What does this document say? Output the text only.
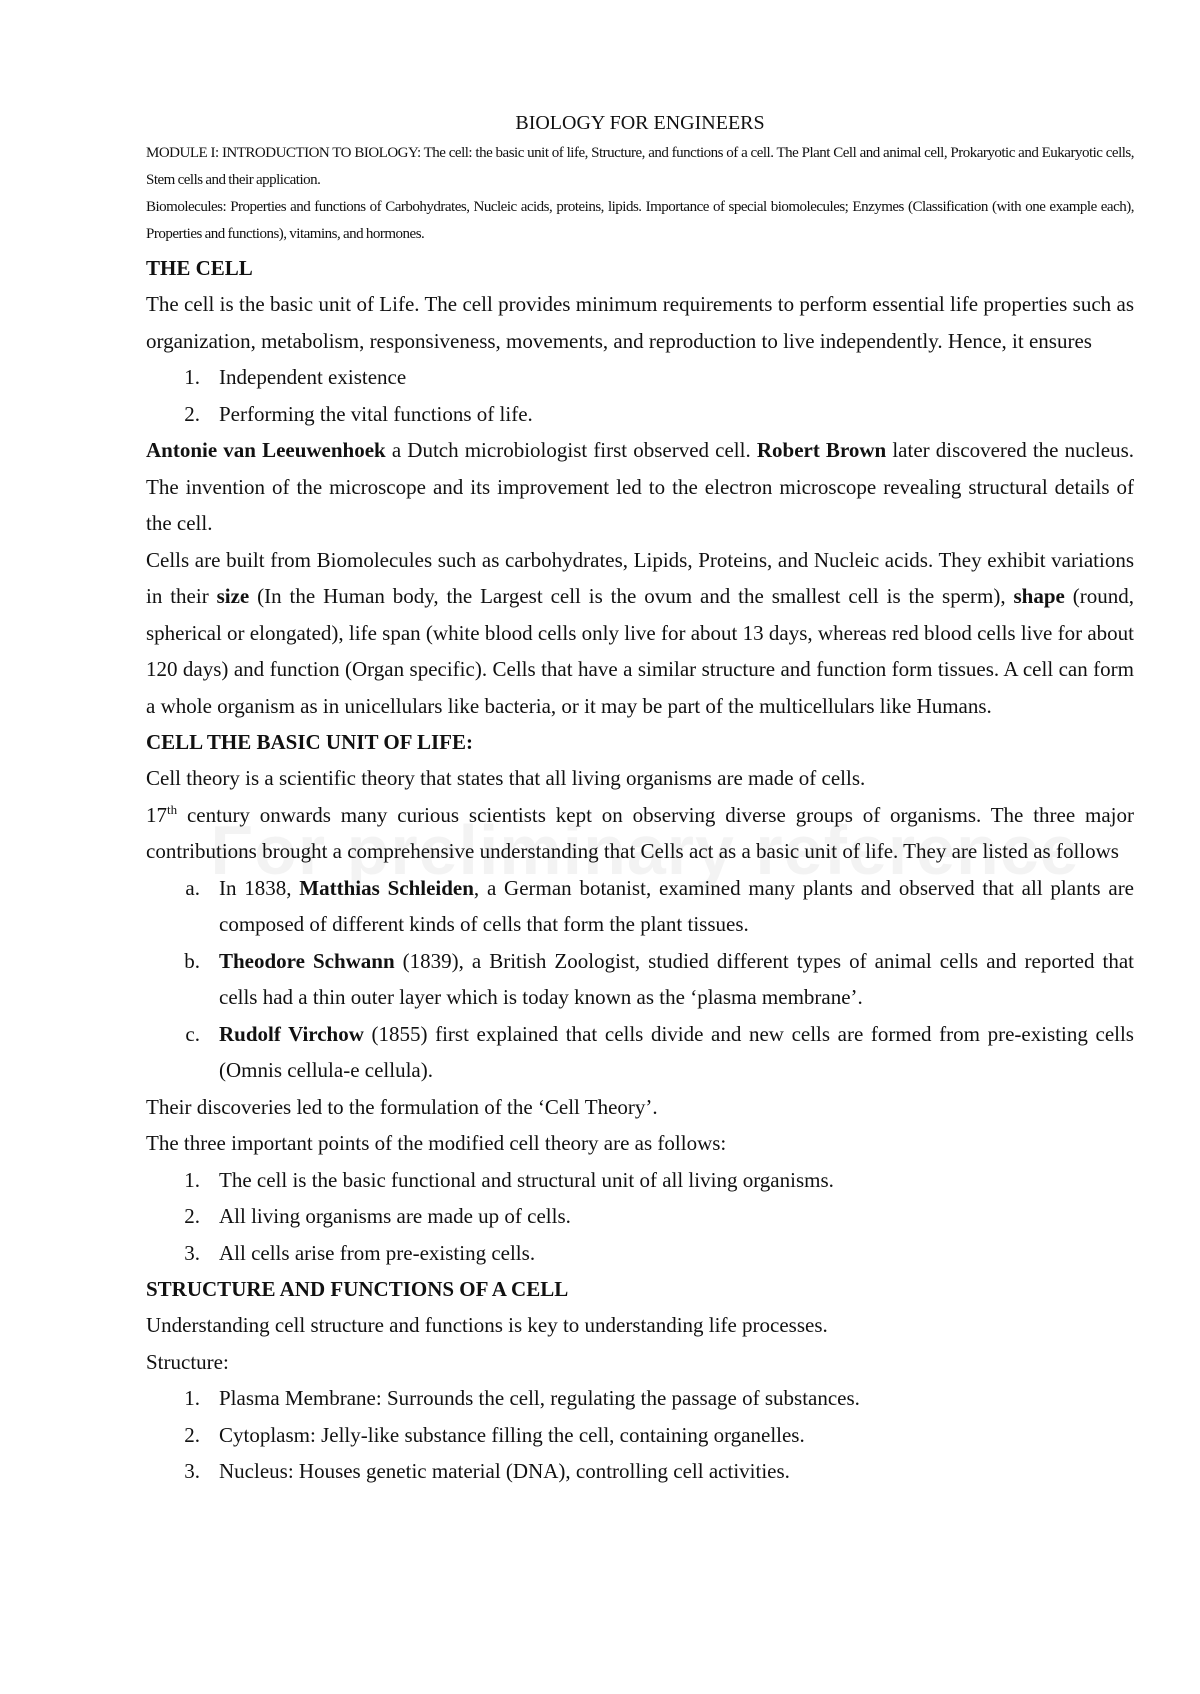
BIOLOGY FOR ENGINEERS

MODULE I: INTRODUCTION TO BIOLOGY: The cell: the basic unit of life, Structure, and functions of a cell. The Plant Cell and animal cell, Prokaryotic and Eukaryotic cells, Stem cells and their application.

Biomolecules: Properties and functions of Carbohydrates, Nucleic acids, proteins, lipids. Importance of special biomolecules; Enzymes (Classification (with one example each), Properties and functions), vitamins, and hormones.

THE CELL

The cell is the basic unit of Life. The cell provides minimum requirements to perform essential life properties such as organization, metabolism, responsiveness, movements, and reproduction to live independently. Hence, it ensures

1. Independent existence
2. Performing the vital functions of life.

Antonie van Leeuwenhoek a Dutch microbiologist first observed cell. Robert Brown later discovered the nucleus. The invention of the microscope and its improvement led to the electron microscope revealing structural details of the cell.

Cells are built from Biomolecules such as carbohydrates, Lipids, Proteins, and Nucleic acids. They exhibit variations in their size (In the Human body, the Largest cell is the ovum and the smallest cell is the sperm), shape (round, spherical or elongated), life span (white blood cells only live for about 13 days, whereas red blood cells live for about 120 days) and function (Organ specific). Cells that have a similar structure and function form tissues. A cell can form a whole organism as in unicellulars like bacteria, or it may be part of the multicellulars like Humans.

CELL THE BASIC UNIT OF LIFE:

Cell theory is a scientific theory that states that all living organisms are made of cells.

17th century onwards many curious scientists kept on observing diverse groups of organisms. The three major contributions brought a comprehensive understanding that Cells act as a basic unit of life. They are listed as follows

a. In 1838, Matthias Schleiden, a German botanist, examined many plants and observed that all plants are composed of different kinds of cells that form the plant tissues.
b. Theodore Schwann (1839), a British Zoologist, studied different types of animal cells and reported that cells had a thin outer layer which is today known as the ‘plasma membrane’.
c. Rudolf Virchow (1855) first explained that cells divide and new cells are formed from pre-existing cells (Omnis cellula-e cellula).

Their discoveries led to the formulation of the ‘Cell Theory’.

The three important points of the modified cell theory are as follows:

1. The cell is the basic functional and structural unit of all living organisms.
2. All living organisms are made up of cells.
3. All cells arise from pre-existing cells.
STRUCTURE AND FUNCTIONS OF A CELL

Understanding cell structure and functions is key to understanding life processes.

Structure:

1. Plasma Membrane: Surrounds the cell, regulating the passage of substances.
2. Cytoplasm: Jelly-like substance filling the cell, containing organelles.
3. Nucleus: Houses genetic material (DNA), controlling cell activities.
